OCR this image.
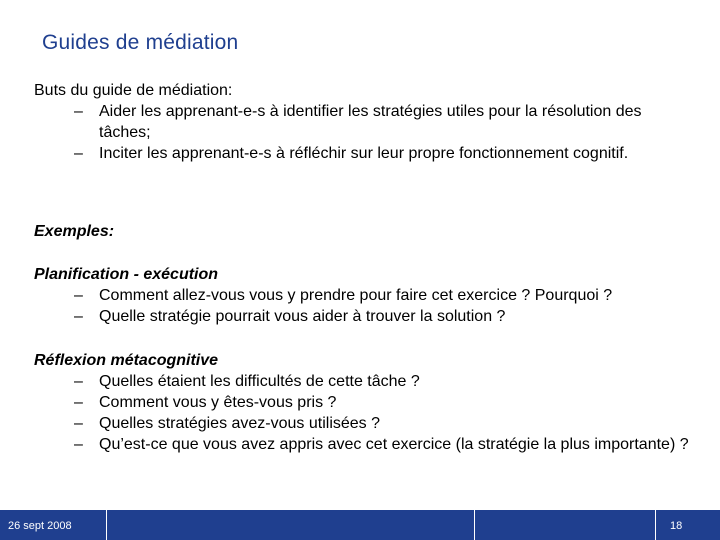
Guides de médiation
Buts du guide de médiation:
– Aider les apprenant-e-s à identifier les stratégies utiles pour la résolution des tâches;
– Inciter les apprenant-e-s à réfléchir sur leur propre fonctionnement cognitif.
Exemples:
Planification - exécution
– Comment allez-vous vous y prendre pour faire cet exercice ? Pourquoi ?
– Quelle stratégie pourrait vous aider à trouver la solution ?
Réflexion métacognitive
– Quelles étaient les difficultés de cette tâche ?
– Comment vous y êtes-vous pris ?
– Quelles stratégies avez-vous utilisées ?
– Qu’est-ce que vous avez appris avec cet exercice (la stratégie la plus importante) ?
26 sept 2008	18
